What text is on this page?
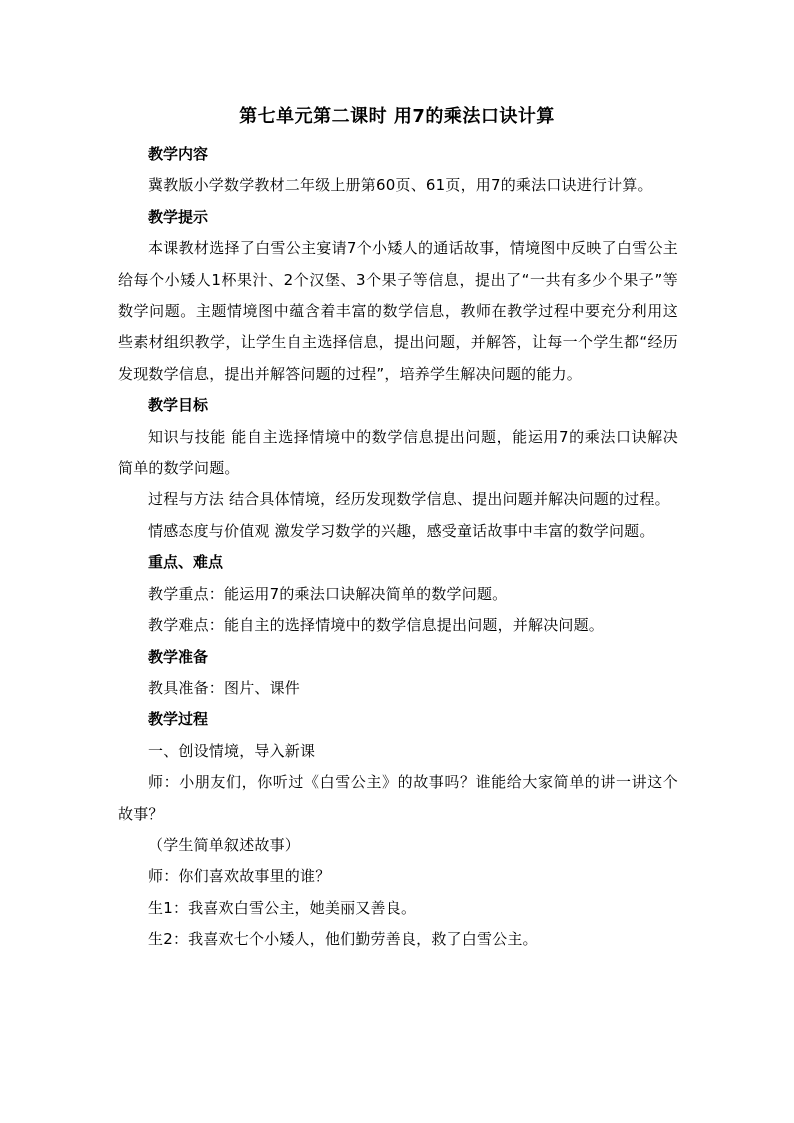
第七单元第二课时 用7的乘法口诀计算

教学内容

冀教版小学数学教材二年级上册第60页、61页，用7的乘法口诀进行计算。

教学提示

本课教材选择了白雪公主宴请7个小矮人的通话故事，情境图中反映了白雪公主给每个小矮人1杯果汁、2个汉堡、3个果子等信息，提出了“一共有多少个果子”等数学问题。主题情境图中蕴含着丰富的数学信息，教师在教学过程中要充分利用这些素材组织教学，让学生自主选择信息，提出问题，并解答，让每一个学生都“经历发现数学信息，提出并解答问题的过程”，培养学生解决问题的能力。

教学目标

知识与技能 能自主选择情境中的数学信息提出问题，能运用7的乘法口诀解决简单的数学问题。

过程与方法 结合具体情境，经历发现数学信息、提出问题并解决问题的过程。

情感态度与价值观 激发学习数学的兴趣，感受童话故事中丰富的数学问题。

重点、难点

教学重点：能运用7的乘法口诀解决简单的数学问题。

教学难点：能自主的选择情境中的数学信息提出问题，并解决问题。

教学准备

教具准备：图片、课件

教学过程

一、创设情境，导入新课

师：小朋友们，你听过《白雪公主》的故事吗？谁能给大家简单的讲一讲这个故事？

（学生简单叙述故事）

师：你们喜欢故事里的谁？

生1：我喜欢白雪公主，她美丽又善良。

生2：我喜欢七个小矮人，他们勤劳善良，救了白雪公主。
